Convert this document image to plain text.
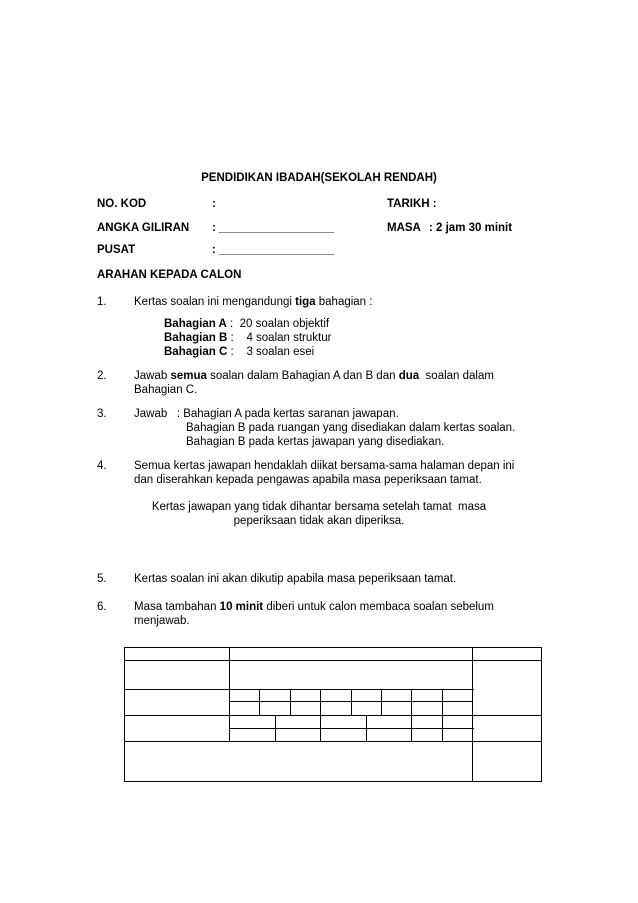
PENDIDIKAN IBADAH(SEKOLAH RENDAH)
NO. KOD	:	TARIKH :
ANGKA GILIRAN : __________________	MASA : 2 jam 30 minit
PUSAT	: __________________
ARAHAN KEPADA CALON
1. Kertas soalan ini mengandungi tiga bahagian :
Bahagian A :  20 soalan objektif
Bahagian B :    4 soalan struktur
Bahagian C :    3 soalan esei
2. Jawab semua soalan dalam Bahagian A dan B dan dua  soalan dalam
Bahagian C.
3. Jawab   : Bahagian A pada kertas saranan jawapan.
Bahagian B pada ruangan yang disediakan dalam kertas soalan.
Bahagian B pada kertas jawapan yang disediakan.
4. Semua kertas jawapan hendaklah diikat bersama-sama halaman depan ini
dan diserahkan kepada pengawas apabila masa peperiksaan tamat.
Kertas jawapan yang tidak dihantar bersama setelah tamat  masa
peperiksaan tidak akan diperiksa.
5. Kertas soalan ini akan dikutip apabila masa peperiksaan tamat.
6. Masa tambahan 10 minit diberi untuk calon membaca soalan sebelum
menjawab.
